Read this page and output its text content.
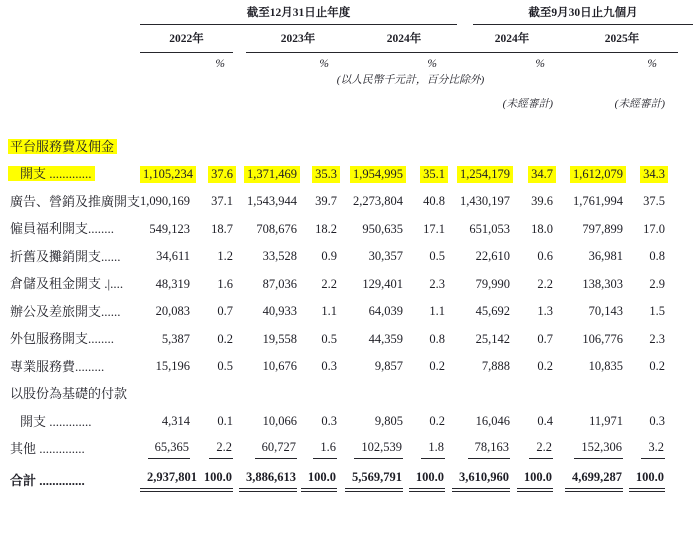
截至12月31日止年度	截至9月30日止九個月
2022年	2023年	2024年	2024年	2025年
%	%	%	%	%
(以人民幣千元計，百分比除外)
(未經審計)	(未經審計)
平台服務費及佣金
開支 .............	1,105,234	37.6	1,371,469	35.3	1,954,995	35.1	1,254,179	34.7	1,612,079	34.3
廣告、營銷及推廣開支 1,090,169	37.1	1,543,944	39.7	2,273,804	40.8	1,430,197	39.6	1,761,994	37.5
僱員福利開支........	549,123	18.7	708,676	18.2	950,635	17.1	651,053	18.0	797,899	17.0
折舊及攤銷開支......	34,611	1.2	33,528	0.9	30,357	0.5	22,610	0.6	36,981	0.8
倉儲及租金開支 .|....	48,319	1.6	87,036	2.2	129,401	2.3	79,990	2.2	138,303	2.9
辦公及差旅開支......	20,083	0.7	40,933	1.1	64,039	1.1	45,692	1.3	70,143	1.5
外包服務開支........	5,387	0.2	19,558	0.5	44,359	0.8	25,142	0.7	106,776	2.3
專業服務費.........	15,196	0.5	10,676	0.3	9,857	0.2	7,888	0.2	10,835	0.2
以股份為基礎的付款
開支 .............	4,314	0.1	10,066	0.3	9,805	0.2	16,046	0.4	11,971	0.3
其他 ..............	65,365	2.2	60,727	1.6	102,539	1.8	78,163	2.2	152,306	3.2
合計 ..............	2,937,801 100.0	3,886,613 100.0	5,569,791	100.0	3,610,960	100.0	4,699,287	100.0
